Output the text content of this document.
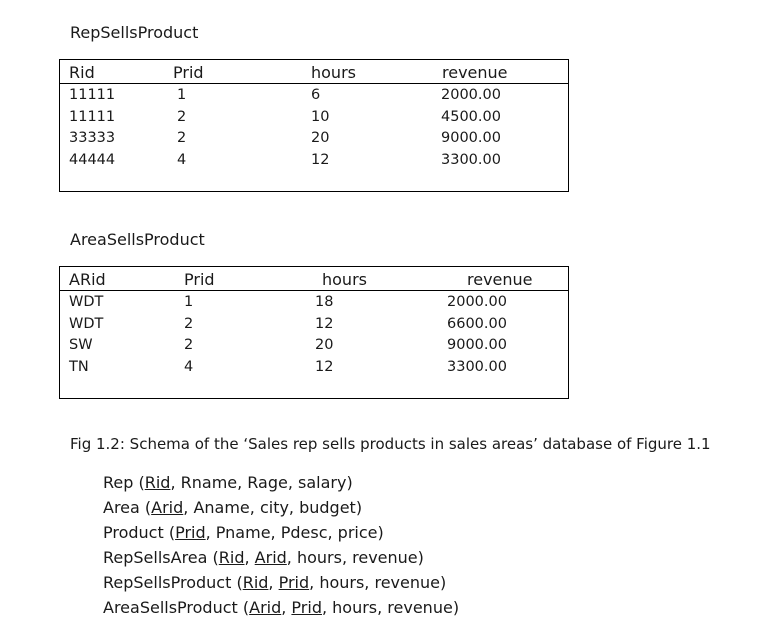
RepSellsProduct
Rid	Prid	hours	revenue
11111	1	6	2000.00
11111	2	10	4500.00
33333	2	20	9000.00
44444	4	12	3300.00
AreaSellsProduct
ARid	Prid	hours	revenue
WDT	1	18	2000.00
WDT	2	12	6600.00
SW	2	20	9000.00
TN	4	12	3300.00
Fig 1.2: Schema of the ‘Sales rep sells products in sales areas’ database of Figure 1.1
Rep (Rid, Rname, Rage, salary)
Area (Arid, Aname, city, budget)
Product (Prid, Pname, Pdesc, price)
RepSellsArea (Rid, Arid, hours, revenue)
RepSellsProduct (Rid, Prid, hours, revenue)
AreaSellsProduct (Arid, Prid, hours, revenue)
